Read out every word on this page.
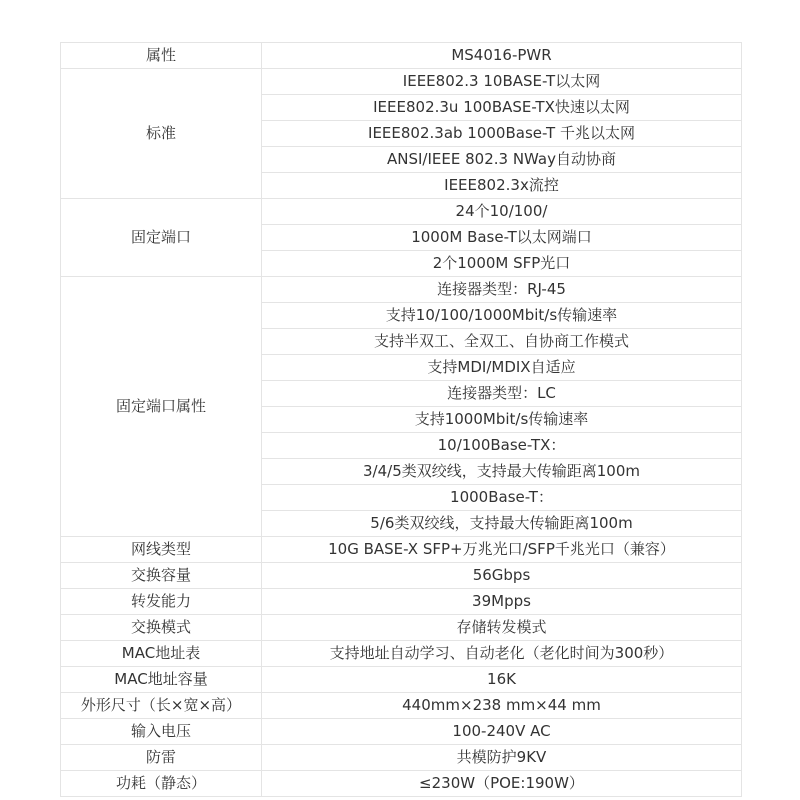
属性	MS4016-PWR
标准	IEEE802.3 10BASE-T以太网
	IEEE802.3u 100BASE-TX快速以太网
	IEEE802.3ab 1000Base-T 千兆以太网
	ANSI/IEEE 802.3 NWay自动协商
	IEEE802.3x流控
固定端口	24个10/100/
	1000M Base-T以太网端口
	2个1000M SFP光口
固定端口属性	连接器类型：RJ-45
	支持10/100/1000Mbit/s传输速率
	支持半双工、全双工、自协商工作模式
	支持MDI/MDIX自适应
	连接器类型：LC
	支持1000Mbit/s传输速率
	10/100Base-TX：
	3/4/5类双绞线，支持最大传输距离100m
	1000Base-T：
	5/6类双绞线，支持最大传输距离100m
网线类型	10G BASE-X SFP+万兆光口/SFP千兆光口（兼容）
交换容量	56Gbps
转发能力	39Mpps
交换模式	存储转发模式
MAC地址表	支持地址自动学习、自动老化（老化时间为300秒）
MAC地址容量	16K
外形尺寸（长×宽×高）	440mm×238 mm×44 mm
输入电压	100-240V AC
防雷	共模防护9KV
功耗（静态）	≤230W（POE:190W）
